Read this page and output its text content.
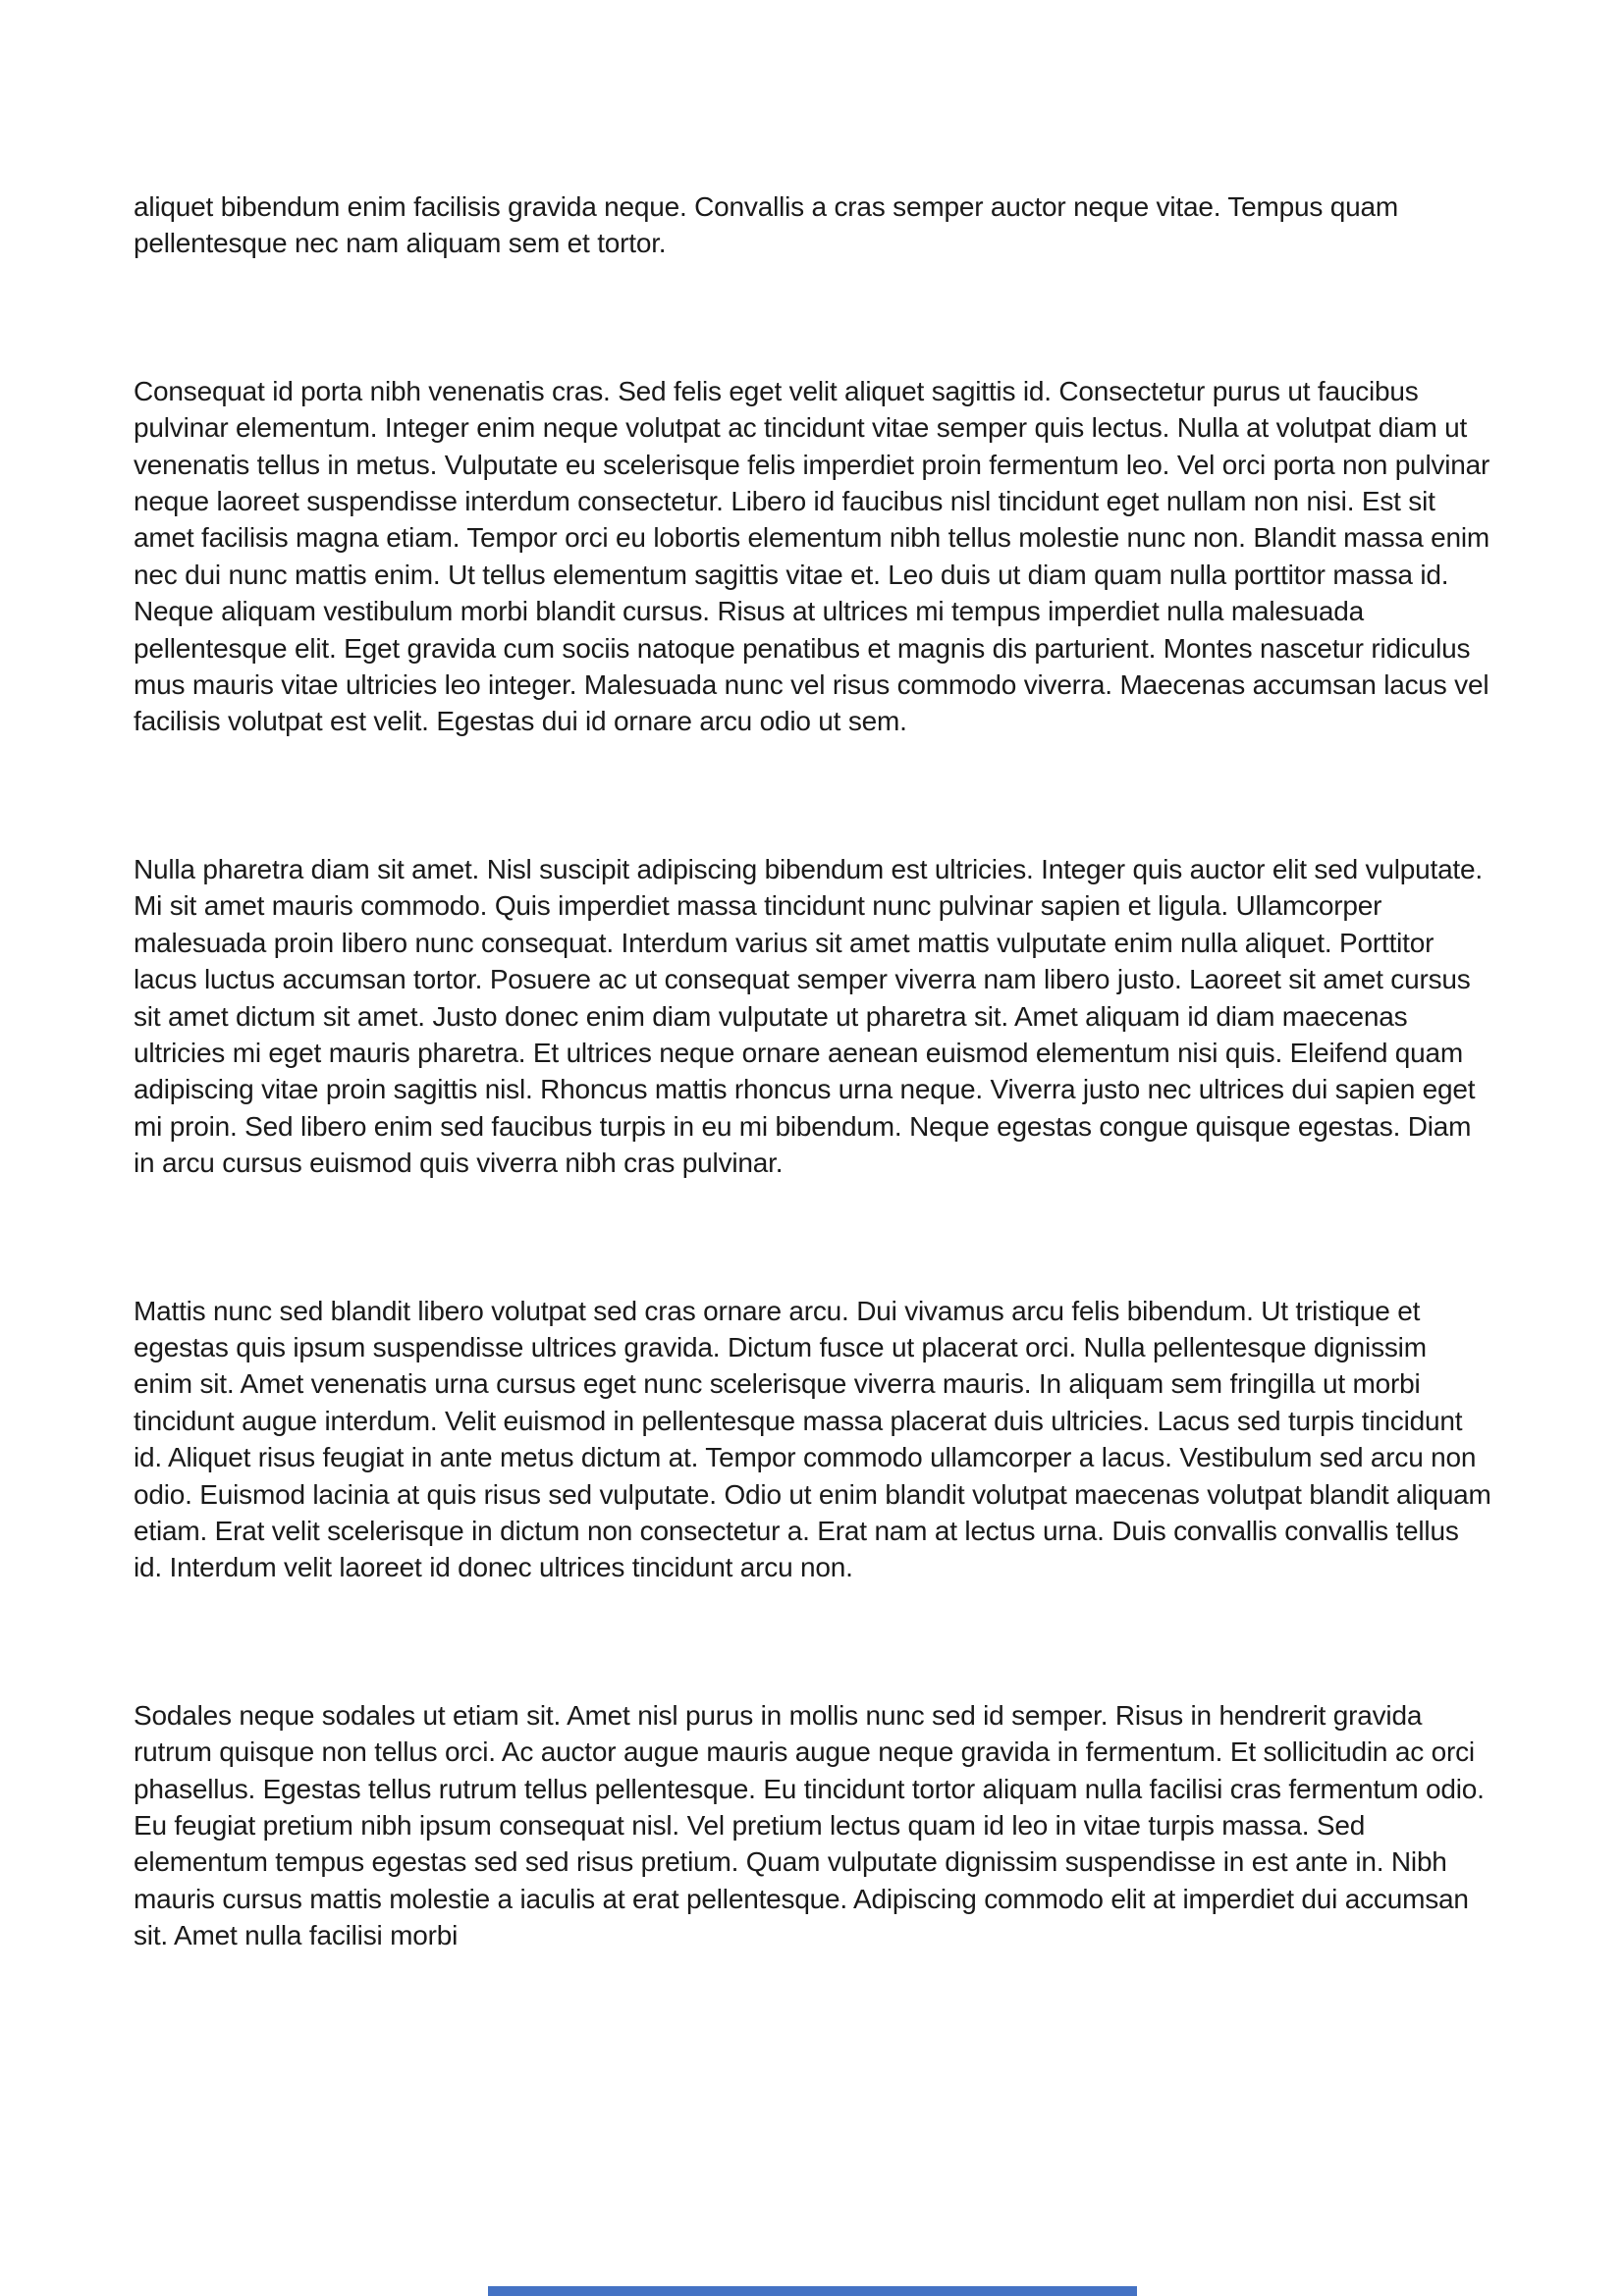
aliquet bibendum enim facilisis gravida neque. Convallis a cras semper auctor neque vitae. Tempus quam pellentesque nec nam aliquam sem et tortor.

Consequat id porta nibh venenatis cras. Sed felis eget velit aliquet sagittis id. Consectetur purus ut faucibus pulvinar elementum. Integer enim neque volutpat ac tincidunt vitae semper quis lectus. Nulla at volutpat diam ut venenatis tellus in metus. Vulputate eu scelerisque felis imperdiet proin fermentum leo. Vel orci porta non pulvinar neque laoreet suspendisse interdum consectetur. Libero id faucibus nisl tincidunt eget nullam non nisi. Est sit amet facilisis magna etiam. Tempor orci eu lobortis elementum nibh tellus molestie nunc non. Blandit massa enim nec dui nunc mattis enim. Ut tellus elementum sagittis vitae et. Leo duis ut diam quam nulla porttitor massa id. Neque aliquam vestibulum morbi blandit cursus. Risus at ultrices mi tempus imperdiet nulla malesuada pellentesque elit. Eget gravida cum sociis natoque penatibus et magnis dis parturient. Montes nascetur ridiculus mus mauris vitae ultricies leo integer. Malesuada nunc vel risus commodo viverra. Maecenas accumsan lacus vel facilisis volutpat est velit. Egestas dui id ornare arcu odio ut sem.

Nulla pharetra diam sit amet. Nisl suscipit adipiscing bibendum est ultricies. Integer quis auctor elit sed vulputate. Mi sit amet mauris commodo. Quis imperdiet massa tincidunt nunc pulvinar sapien et ligula. Ullamcorper malesuada proin libero nunc consequat. Interdum varius sit amet mattis vulputate enim nulla aliquet. Porttitor lacus luctus accumsan tortor. Posuere ac ut consequat semper viverra nam libero justo. Laoreet sit amet cursus sit amet dictum sit amet. Justo donec enim diam vulputate ut pharetra sit. Amet aliquam id diam maecenas ultricies mi eget mauris pharetra. Et ultrices neque ornare aenean euismod elementum nisi quis. Eleifend quam adipiscing vitae proin sagittis nisl. Rhoncus mattis rhoncus urna neque. Viverra justo nec ultrices dui sapien eget mi proin. Sed libero enim sed faucibus turpis in eu mi bibendum. Neque egestas congue quisque egestas. Diam in arcu cursus euismod quis viverra nibh cras pulvinar.

Mattis nunc sed blandit libero volutpat sed cras ornare arcu. Dui vivamus arcu felis bibendum. Ut tristique et egestas quis ipsum suspendisse ultrices gravida. Dictum fusce ut placerat orci. Nulla pellentesque dignissim enim sit. Amet venenatis urna cursus eget nunc scelerisque viverra mauris. In aliquam sem fringilla ut morbi tincidunt augue interdum. Velit euismod in pellentesque massa placerat duis ultricies. Lacus sed turpis tincidunt id. Aliquet risus feugiat in ante metus dictum at. Tempor commodo ullamcorper a lacus. Vestibulum sed arcu non odio. Euismod lacinia at quis risus sed vulputate. Odio ut enim blandit volutpat maecenas volutpat blandit aliquam etiam. Erat velit scelerisque in dictum non consectetur a. Erat nam at lectus urna. Duis convallis convallis tellus id. Interdum velit laoreet id donec ultrices tincidunt arcu non.

Sodales neque sodales ut etiam sit. Amet nisl purus in mollis nunc sed id semper. Risus in hendrerit gravida rutrum quisque non tellus orci. Ac auctor augue mauris augue neque gravida in fermentum. Et sollicitudin ac orci phasellus. Egestas tellus rutrum tellus pellentesque. Eu tincidunt tortor aliquam nulla facilisi cras fermentum odio. Eu feugiat pretium nibh ipsum consequat nisl. Vel pretium lectus quam id leo in vitae turpis massa. Sed elementum tempus egestas sed sed risus pretium. Quam vulputate dignissim suspendisse in est ante in. Nibh mauris cursus mattis molestie a iaculis at erat pellentesque. Adipiscing commodo elit at imperdiet dui accumsan sit. Amet nulla facilisi morbi
